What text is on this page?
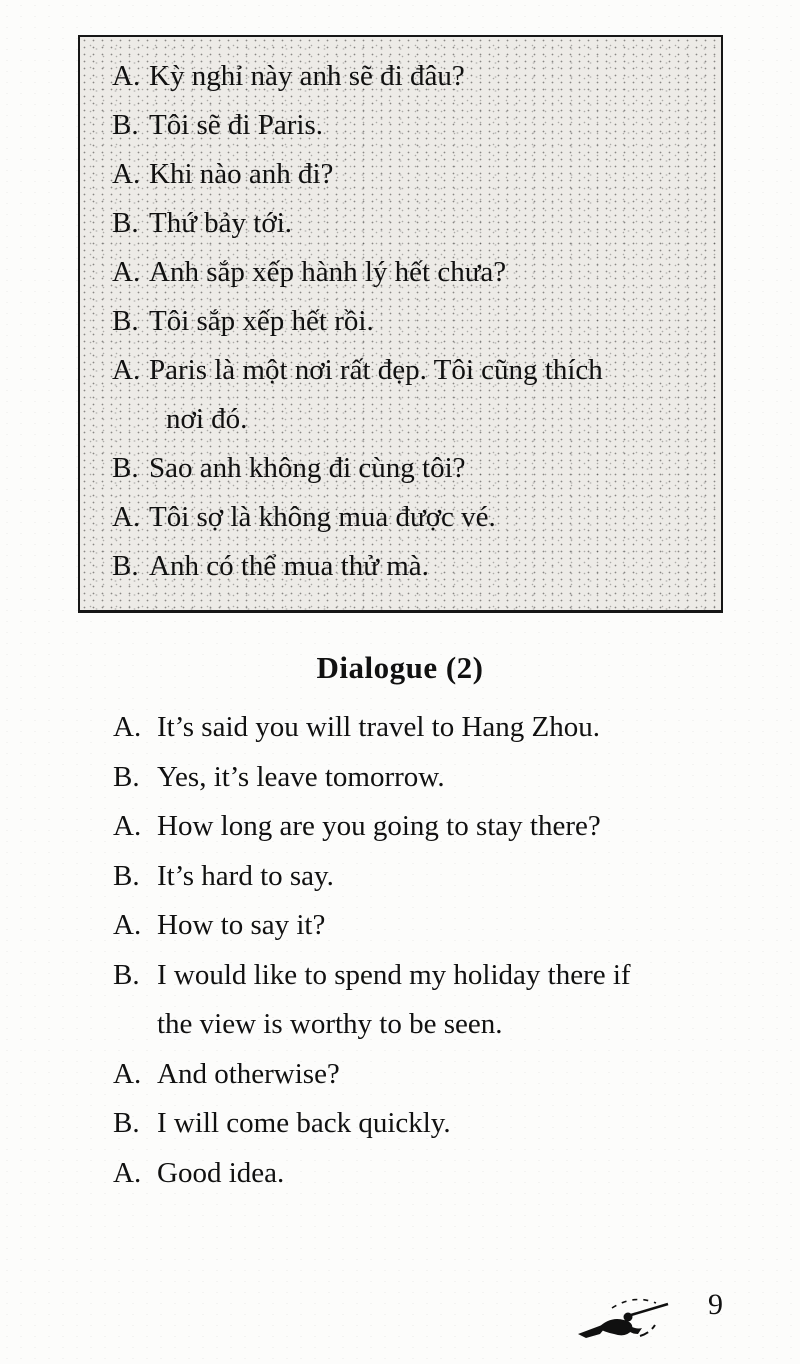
A. Kỳ nghỉ này anh sẽ đi đâu?
B. Tôi sẽ đi Paris.
A. Khi nào anh đi?
B. Thứ bảy tới.
A. Anh sắp xếp hành lý hết chưa?
B. Tôi sắp xếp hết rồi.
A. Paris là một nơi rất đẹp. Tôi cũng thích
nơi đó.
B. Sao anh không đi cùng tôi?
A. Tôi sợ là không mua được vé.
B. Anh có thể mua thử mà.
Dialogue (2)
A. It’s said you will travel to Hang Zhou.
B. Yes, it’s leave tomorrow.
A. How long are you going to stay there?
B. It’s hard to say.
A. How to say it?
B. I would like to spend my holiday there if
the view is worthy to be seen.
A. And otherwise?
B. I will come back quickly.
A. Good idea.
9
